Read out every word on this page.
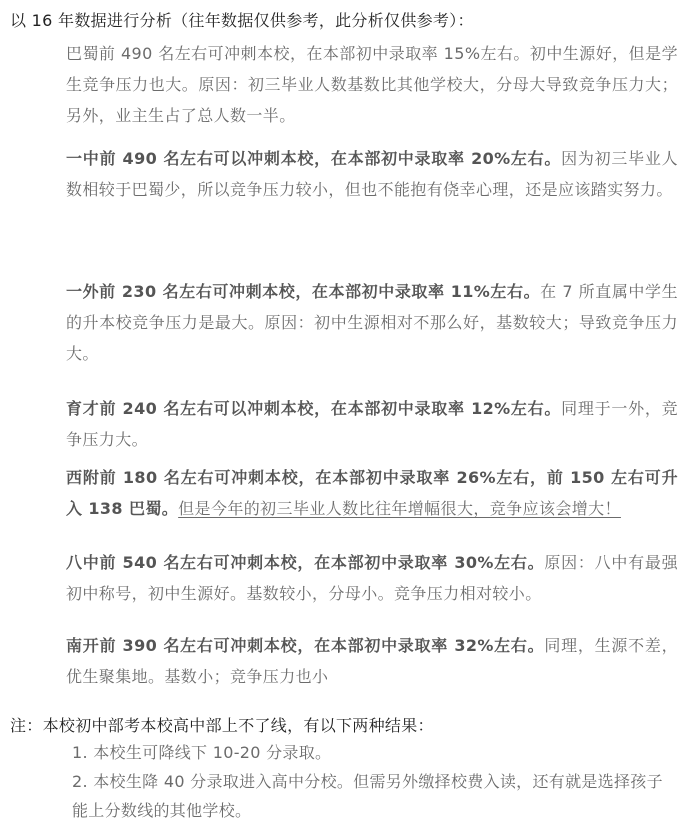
以 16 年数据进行分析（往年数据仅供参考，此分析仅供参考）：
巴蜀前 490 名左右可冲刺本校，在本部初中录取率 15%左右。初中生源好，但是学生竞争压力也大。原因：初三毕业人数基数比其他学校大，分母大导致竞争压力大；另外，业主生占了总人数一半。
一中前 490 名左右可以冲刺本校，在本部初中录取率 20%左右。因为初三毕业人数相较于巴蜀少，所以竞争压力较小，但也不能抱有侥幸心理，还是应该踏实努力。
一外前 230 名左右可冲刺本校，在本部初中录取率 11%左右。在 7 所直属中学生的升本校竞争压力是最大。原因：初中生源相对不那么好，基数较大；导致竞争压力大。
育才前 240 名左右可以冲刺本校，在本部初中录取率 12%左右。同理于一外，竞争压力大。
西附前 180 名左右可冲刺本校，在本部初中录取率 26%左右，前 150 左右可升入 138 巴蜀。但是今年的初三毕业人数比往年增幅很大，竞争应该会增大！
八中前 540 名左右可冲刺本校，在本部初中录取率 30%左右。原因：八中有最强初中称号，初中生源好。基数较小，分母小。竞争压力相对较小。
南开前 390 名左右可冲刺本校，在本部初中录取率 32%左右。同理，生源不差，优生聚集地。基数小；竞争压力也小
注：本校初中部考本校高中部上不了线，有以下两种结果：
1. 本校生可降线下 10-20 分录取。
2. 本校生降 40 分录取进入高中分校。但需另外缴择校费入读，还有就是选择孩子能上分数线的其他学校。
